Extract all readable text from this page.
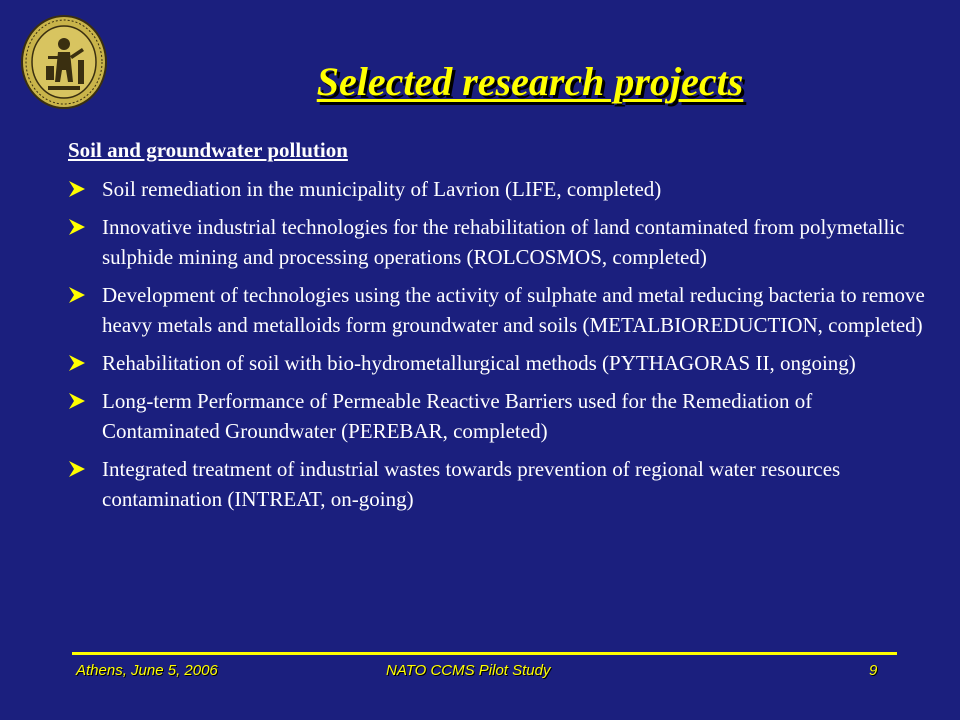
Selected research projects
Soil and groundwater pollution
Soil remediation in the municipality of Lavrion (LIFE, completed)
Innovative industrial technologies for the rehabilitation of land contaminated from polymetallic sulphide mining and processing operations (ROLCOSMOS, completed)
Development of technologies using the activity of sulphate and metal reducing bacteria to remove heavy metals and metalloids form groundwater and soils (METALBIOREDUCTION, completed)
Rehabilitation of soil with bio-hydrometallurgical methods (PYTHAGORAS II, ongoing)
Long-term Performance of Permeable Reactive Barriers used for the Remediation of Contaminated Groundwater (PEREBAR, completed)
Integrated treatment of industrial wastes towards prevention of regional water resources contamination (INTREAT, on-going)
Athens, June 5, 2006	NATO CCMS Pilot Study	9
